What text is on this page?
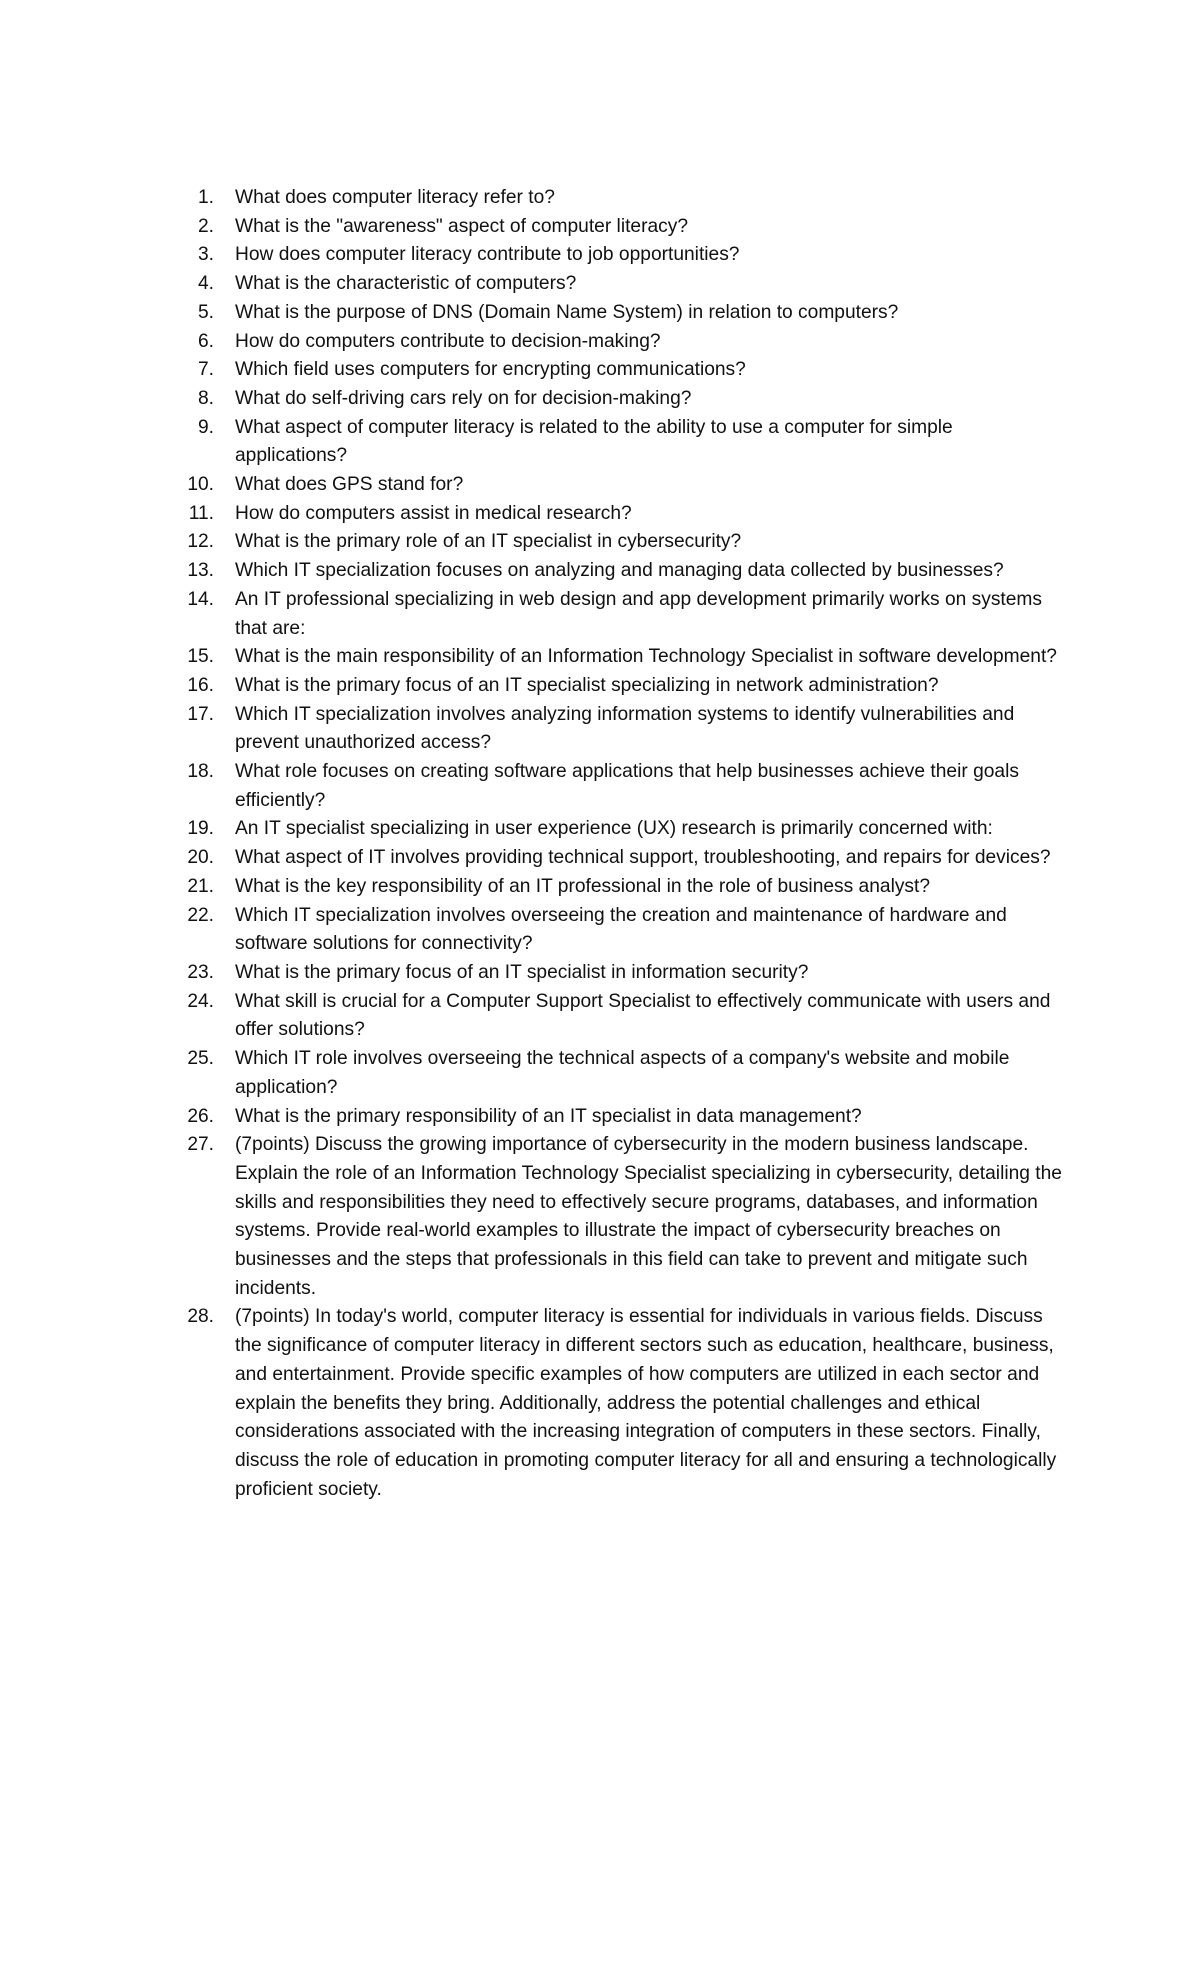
1.	What does computer literacy refer to?
2.	What is the "awareness" aspect of computer literacy?
3.	How does computer literacy contribute to job opportunities?
4.	What is the characteristic of computers?
5.	What is the purpose of DNS (Domain Name System) in relation to computers?
6.	How do computers contribute to decision-making?
7.	Which field uses computers for encrypting communications?
8.	What do self-driving cars rely on for decision-making?
9.	What aspect of computer literacy is related to the ability to use a computer for simple applications?
10.	What does GPS stand for?
11.	How do computers assist in medical research?
12.	What is the primary role of an IT specialist in cybersecurity?
13.	Which IT specialization focuses on analyzing and managing data collected by businesses?
14.	An IT professional specializing in web design and app development primarily works on systems that are:
15.	What is the main responsibility of an Information Technology Specialist in software development?
16.	What is the primary focus of an IT specialist specializing in network administration?
17.	Which IT specialization involves analyzing information systems to identify vulnerabilities and prevent unauthorized access?
18.	What role focuses on creating software applications that help businesses achieve their goals efficiently?
19.	An IT specialist specializing in user experience (UX) research is primarily concerned with:
20.	What aspect of IT involves providing technical support, troubleshooting, and repairs for devices?
21.	What is the key responsibility of an IT professional in the role of business analyst?
22.	Which IT specialization involves overseeing the creation and maintenance of hardware and software solutions for connectivity?
23.	What is the primary focus of an IT specialist in information security?
24.	What skill is crucial for a Computer Support Specialist to effectively communicate with users and offer solutions?
25.	Which IT role involves overseeing the technical aspects of a company's website and mobile application?
26.	What is the primary responsibility of an IT specialist in data management?
27.	(7points) Discuss the growing importance of cybersecurity in the modern business landscape. Explain the role of an Information Technology Specialist specializing in cybersecurity, detailing the skills and responsibilities they need to effectively secure programs, databases, and information systems. Provide real-world examples to illustrate the impact of cybersecurity breaches on businesses and the steps that professionals in this field can take to prevent and mitigate such incidents.
28.	(7points) In today's world, computer literacy is essential for individuals in various fields. Discuss the significance of computer literacy in different sectors such as education, healthcare, business, and entertainment. Provide specific examples of how computers are utilized in each sector and explain the benefits they bring. Additionally, address the potential challenges and ethical considerations associated with the increasing integration of computers in these sectors. Finally, discuss the role of education in promoting computer literacy for all and ensuring a technologically proficient society.
